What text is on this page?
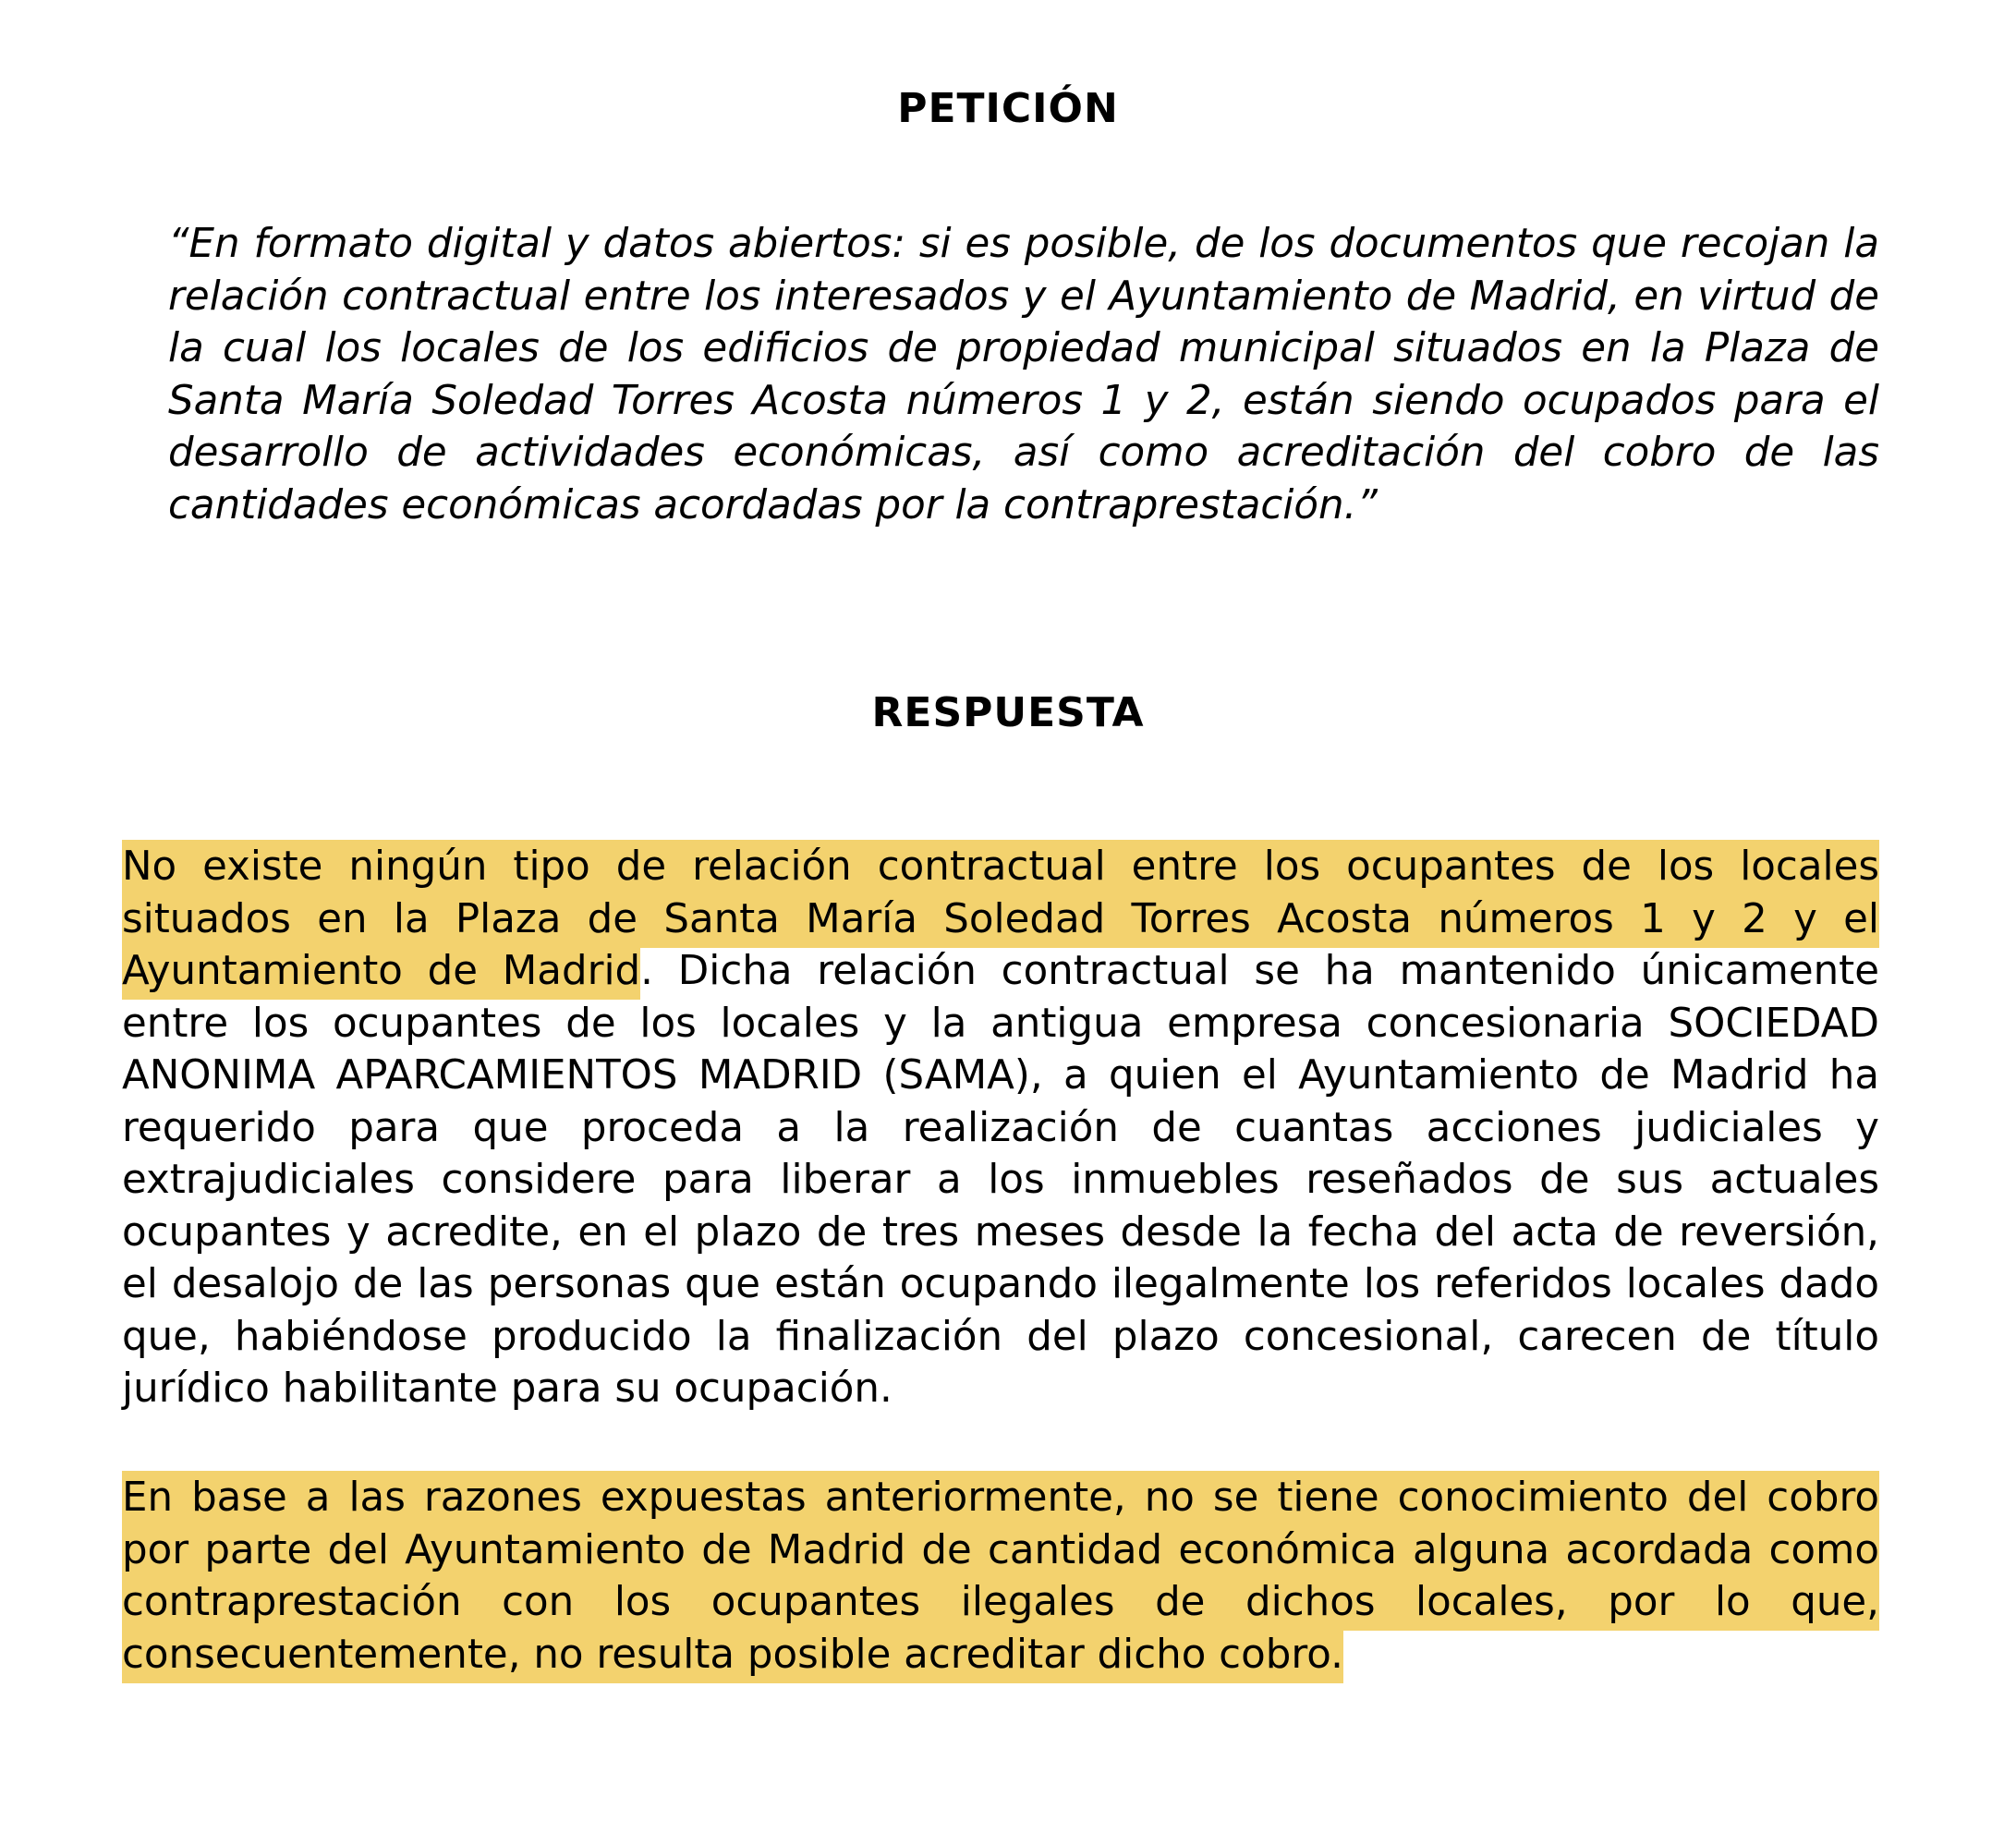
PETICIÓN

“En formato digital y datos abiertos: si es posible, de los documentos que recojan la relación contractual entre los interesados y el Ayuntamiento de Madrid, en virtud de la cual los locales de los edificios de propiedad municipal situados en la Plaza de Santa María Soledad Torres Acosta números 1 y 2, están siendo ocupados para el desarrollo de actividades económicas, así como acreditación del cobro de las cantidades económicas acordadas por la contraprestación.”

RESPUESTA

No existe ningún tipo de relación contractual entre los ocupantes de los locales situados en la Plaza de Santa María Soledad Torres Acosta números 1 y 2 y el Ayuntamiento de Madrid. Dicha relación contractual se ha mantenido únicamente entre los ocupantes de los locales y la antigua empresa concesionaria SOCIEDAD ANONIMA APARCAMIENTOS MADRID (SAMA), a quien el Ayuntamiento de Madrid ha requerido para que proceda a la realización de cuantas acciones judiciales y extrajudiciales considere para liberar a los inmuebles reseñados de sus actuales ocupantes y acredite, en el plazo de tres meses desde la fecha del acta de reversión, el desalojo de las personas que están ocupando ilegalmente los referidos locales dado que, habiéndose producido la finalización del plazo concesional, carecen de título jurídico habilitante para su ocupación.

En base a las razones expuestas anteriormente, no se tiene conocimiento del cobro por parte del Ayuntamiento de Madrid de cantidad económica alguna acordada como contraprestación con los ocupantes ilegales de dichos locales, por lo que, consecuentemente, no resulta posible acreditar dicho cobro.
